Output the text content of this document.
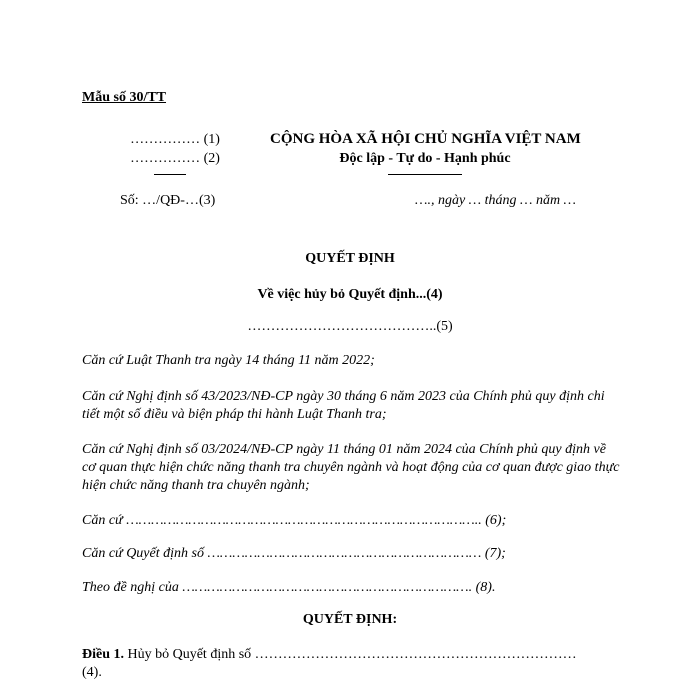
Mẫu số 30/TT
…………… (1)
…………… (2)
Số: …/QĐ-…(3)
CỘNG HÒA XÃ HỘI CHỦ NGHĨA VIỆT NAM
Độc lập - Tự do - Hạnh phúc
…., ngày … tháng … năm …
QUYẾT ĐỊNH
Về việc hủy bỏ Quyết định...(4)
…………………………………..(5)
Căn cứ Luật Thanh tra ngày 14 tháng 11 năm 2022;
Căn cứ Nghị định số 43/2023/NĐ-CP ngày 30 tháng 6 năm 2023 của Chính phủ quy định chi tiết một số điều và biện pháp thi hành Luật Thanh tra;
Căn cứ Nghị định số 03/2024/NĐ-CP ngày 11 tháng 01 năm 2024 của Chính phủ quy định về cơ quan thực hiện chức năng thanh tra chuyên ngành và hoạt động của cơ quan được giao thực hiện chức năng thanh tra chuyên ngành;
Căn cứ ………………………………………………………………………….. (6);
Căn cứ Quyết định số ………………………………………………………… (7);
Theo đề nghị của ……………………………………………………………. (8).
QUYẾT ĐỊNH:
Điều 1. Hủy bỏ Quyết định số ……………………………………………………………
(4).
